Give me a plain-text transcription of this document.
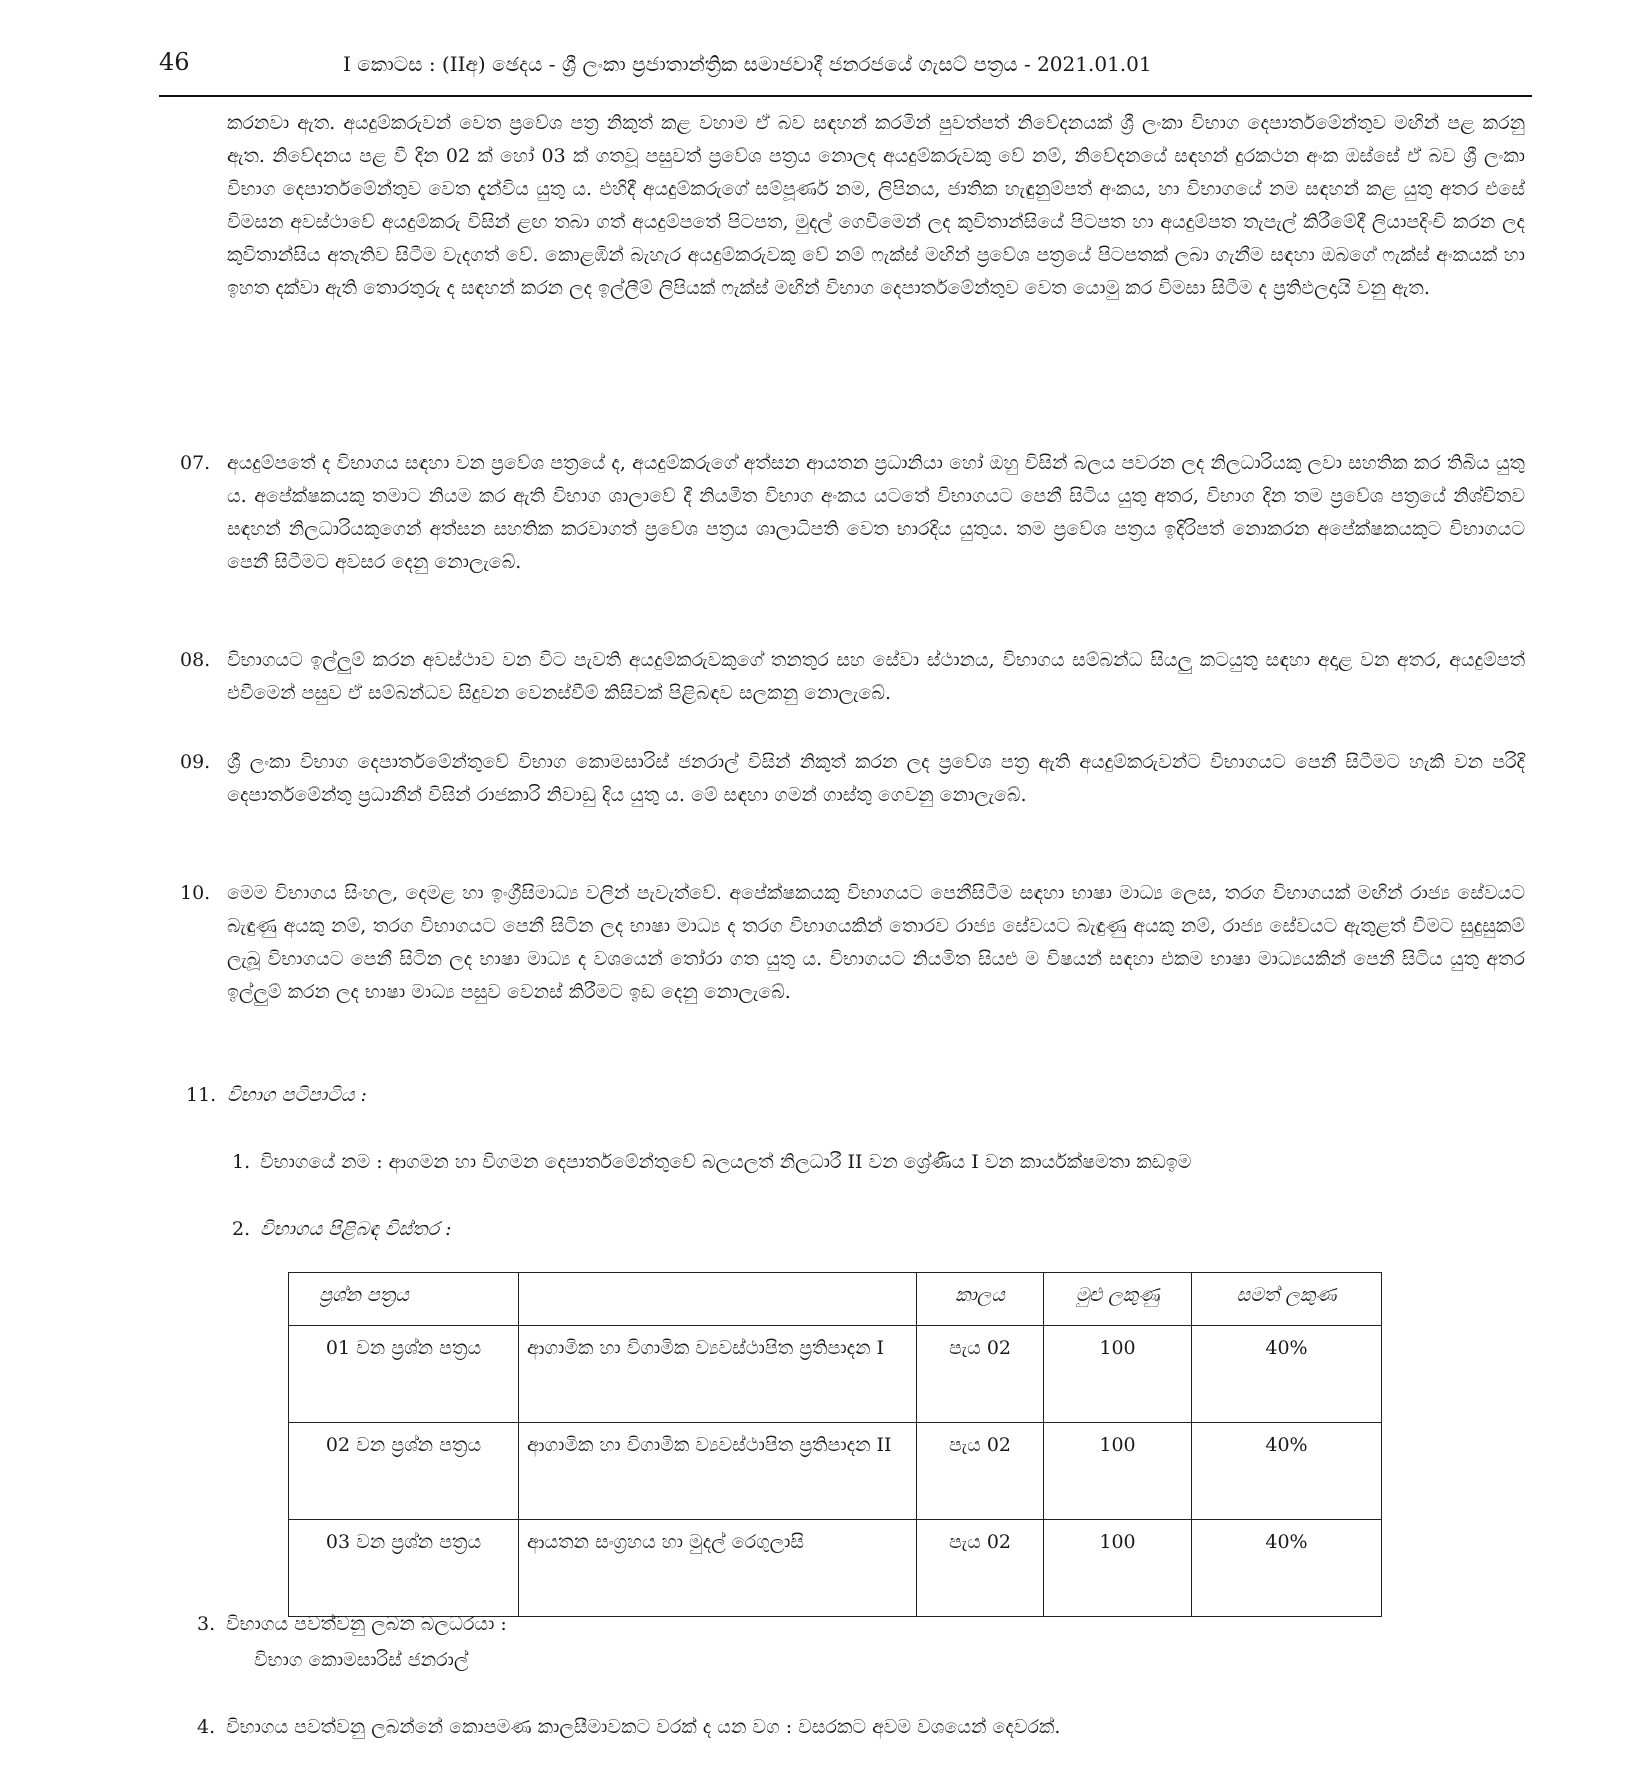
46	I කොටස : (IIඅ) ඡෙදය - ශ්‍රී ලංකා ප්‍රජාතාන්ත්‍රික සමාජවාදී ජනරජයේ ගැසට් පත්‍රය - 2021.01.01
කරනවා ඇත. අයදුම්කරුවන් වෙත ප්‍රවේශ පත්‍ර නිකුත් කළ වහාම ඒ බව සඳහන් කරමින් පුවත්පත් නිවේදනයක් ශ්‍රී ලංකා විභාග දෙපාර්තමේන්තුව මඟින් පළ කරනු ඇත. නිවේදනය පළ වී දින 02 ක් හෝ 03 ක් ගතවූ පසුවත් ප්‍රවේශ පත්‍රය නොලද අයදුම්කරුවකු වේ නම්, නිවේදනයේ සඳහන් දුරකථන අංක ඔස්සේ ඒ බව ශ්‍රී ලංකා විභාග දෙපාර්තමේන්තුව වෙත දැන්විය යුතු ය. එහිදී අයදුම්කරුගේ සම්පූර්ණ නම, ලිපිනය, ජාතික හැඳුනුම්පත් අංකය, හා විභාගයේ නම සඳහන් කළ යුතු අතර එසේ විමසන අවස්ථාවේ අයදුම්කරු විසින් ළඟ තබා ගත් අයදුම්පතේ පිටපත, මුදල් ගෙවීමෙන් ලද කුවිතාන්සියේ පිටපත හා අයදුම්පත තැපැල් කිරීමේදී ලියාපදිංචි කරන ලද කුවිතාන්සිය අතැතිව සිටීම වැදගත් වේ. කොළඹින් බැහැර අයදුම්කරුවකු වේ නම් ෆැක්ස් මඟින් ප්‍රවේශ පත්‍රයේ පිටපතක් ලබා ගැනීම සඳහා ඔබගේ ෆැක්ස් අංකයක් හා ඉහත දක්වා ඇති තොරතුරු ද සඳහන් කරන ලද ඉල්ලීම් ලිපියක් ෆැක්ස් මඟින් විභාග දෙපාර්තමේන්තුව වෙත යොමු කර විමසා සිටීම ද ප්‍රතිඵලදායි වනු ඇත.
07. අයදුම්පතේ ද විභාගය සඳහා වන ප්‍රවේශ පත්‍රයේ ද, අයදුම්කරුගේ අත්සන ආයතන ප්‍රධානියා හෝ ඔහු විසින් බලය පවරන ලද නිලධාරියකු ලවා සහතික කර තිබිය යුතු ය. අපේක්ෂකයකු තමාට නියම කර ඇති විභාග ශාලාවේ දී නියමිත විභාග අංකය යටතේ විභාගයට පෙනී සිටිය යුතු අතර, විභාග දින තම ප්‍රවේශ පත්‍රයේ නිශ්චිතව සඳහන් නිලධාරියකුගෙන් අත්සන සහතික කරවාගත් ප්‍රවේශ පත්‍රය ශාලාධිපති වෙත භාරදිය යුතුය. තම ප්‍රවේශ පත්‍රය ඉදිරිපත් නොකරන අපේක්ෂකයකුට විභාගයට පෙනී සිටීමට අවසර දෙනු නොලැබේ.
08. විභාගයට ඉල්ලුම් කරන අවස්ථාව වන විට පැවති අයදුම්කරුවකුගේ තනතුර සහ සේවා ස්ථානය, විභාගය සම්බන්ධ සියලු කටයුතු සඳහා අදාළ වන අතර, අයදුම්පත් එවීමෙන් පසුව ඒ සම්බන්ධව සිදුවන වෙනස්වීම් කිසිවක් පිළිබඳව සලකනු නොලැබේ.
09. ශ්‍රී ලංකා විභාග දෙපාර්තමේන්තුවේ විභාග කොමසාරිස් ජනරාල් විසින් නිකුත් කරන ලද ප්‍රවේශ පත්‍ර ඇති අයදුම්කරුවන්ට විභාගයට පෙනී සිටීමට හැකි වන පරිදි දෙපාර්තමේන්තු ප්‍රධානීන් විසින් රාජකාරි නිවාඩු දිය යුතු ය. මේ සඳහා ගමන් ගාස්තු ගෙවනු නොලැබේ.
10. මෙම විභාගය සිංහල, දෙමළ හා ඉංග්‍රීසිමාධ්‍ය වලින් පැවැත්වේ. අපේක්ෂකයකු විභාගයට පෙනීසිටීම සඳහා භාෂා මාධ්‍ය ලෙස, තරග විභාගයක් මඟින් රාජ්‍ය සේවයට බැඳුණු අයකු නම්, තරග විභාගයට පෙනී සිටින ලද භාෂා මාධ්‍ය ද තරග විභාගයකින් තොරව රාජ්‍ය සේවයට බැඳුණු අයකු නම්, රාජ්‍ය සේවයට ඇතුළත් වීමට සුදුසුකම් ලැබූ විභාගයට පෙනී සිටින ලද භාෂා මාධ්‍ය ද වශයෙන් තෝරා ගත යුතු ය. විභාගයට නියමිත සියළු ම විෂයන් සඳහා එකම භාෂා මාධ්‍යයකින් පෙනී සිටිය යුතු අතර ඉල්ලුම් කරන ලද භාෂා මාධ්‍ය පසුව වෙනස් කිරීමට ඉඩ දෙනු නොලැබේ.
11. විභාග පටිපාටිය :
1. විභාගයේ නම : ආගමන හා විගමන දෙපාර්තමේන්තුවේ බලයලත් නිලධාරී II වන ශ්‍රේණිය I වන කාර්යක්ෂමතා කඩඉම
2. විභාගය පිළිබඳ විස්තර :
ප්‍රශ්න පත්‍රය		කාලය	මුළු ලකුණු	සමත් ලකුණ
01 වන ප්‍රශ්න පත්‍රය	ආගාමික හා විගාමික ව්‍යවස්ථාපිත ප්‍රතිපාදන I	පැය 02	100	40%
02 වන ප්‍රශ්න පත්‍රය	ආගාමික හා විගාමික ව්‍යවස්ථාපිත ප්‍රතිපාදන II	පැය 02	100	40%
03 වන ප්‍රශ්න පත්‍රය	ආයතන සංග්‍රහය හා මුදල් රෙගුලාසි	පැය 02	100	40%
3. විභාගය පවත්වනු ලබන බලධරයා :
විභාග කොමසාරිස් ජනරාල්
4. විභාගය පවත්වනු ලබන්නේ කොපමණ කාලසීමාවකට වරක් ද යන වග : වසරකට අවම වශයෙන් දෙවරක්.
